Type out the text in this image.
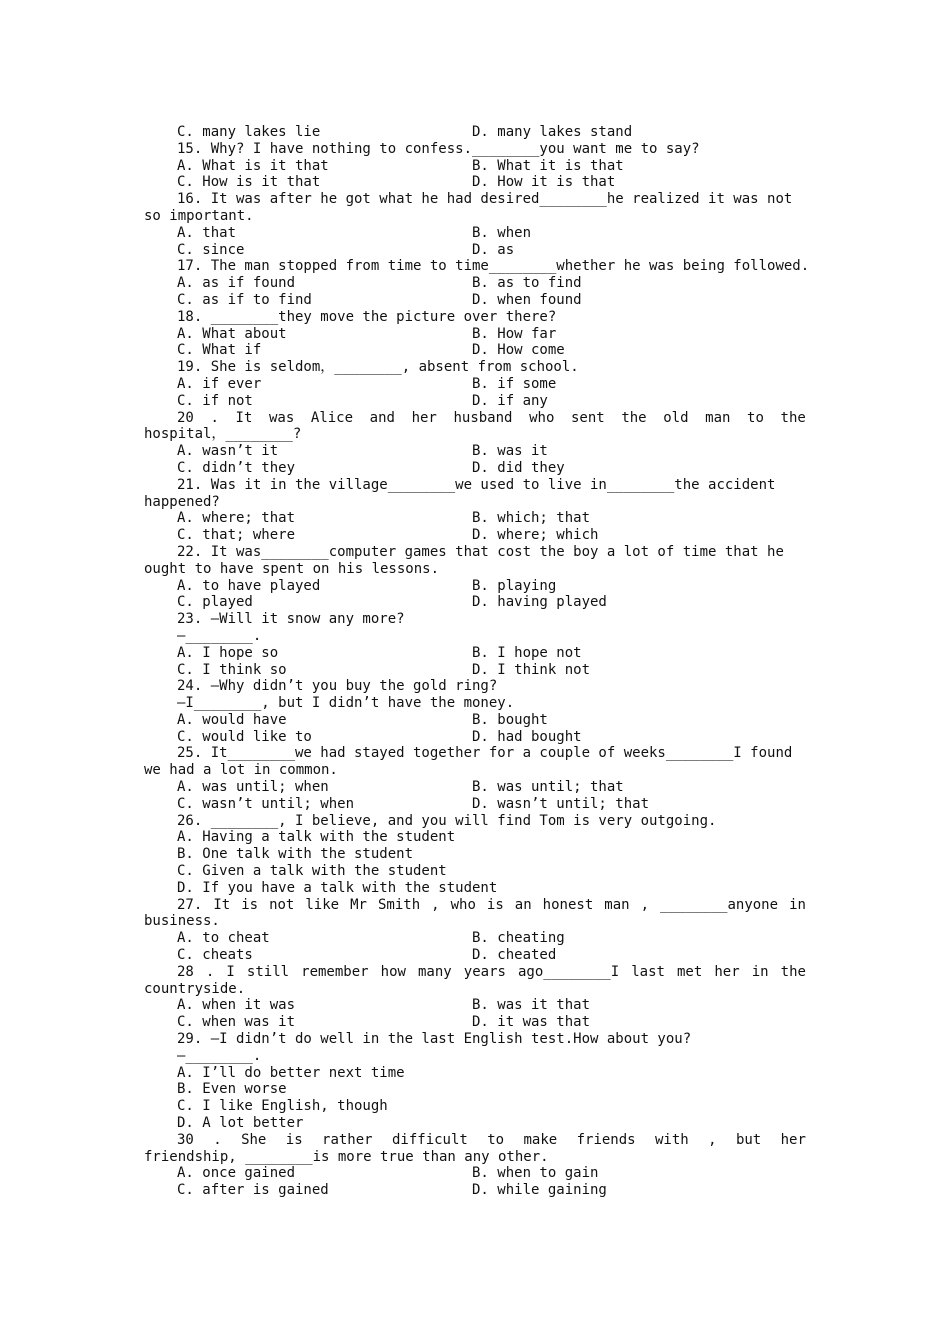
C. many lakes lie	D. many lakes stand
15. Why? I have nothing to confess.________you want me to say?
A. What is it that	B. What it is that
C. How is it that	D. How it is that
16. It was after he got what he had desired________he realized it was not
so important.
A. that	B. when
C. since	D. as
17. The man stopped from time to time________whether he was being followed.
A. as if found	B. as to find
C. as if to find	D. when found
18. ________they move the picture over there?
A. What about	B. How far
C. What if	D. How come
19. She is seldom，________, absent from school.
A. if ever	B. if some
C. if not	D. if any
20 . It was Alice and her husband who sent the old man to the
hospital，________?
A. wasn’t it	B. was it
C. didn’t they	D. did they
21. Was it in the village________we used to live in________the accident
happened?
A. where; that	B. which; that
C. that; where	D. where; which
22. It was________computer games that cost the boy a lot of time that he
ought to have spent on his lessons.
A. to have played	B. playing
C. played	D. having played
23. —Will it snow any more?
—________.
A. I hope so	B. I hope not
C. I think so	D. I think not
24. —Why didn’t you buy the gold ring?
—I________, but I didn’t have the money.
A. would have	B. bought
C. would like to	D. had bought
25. It________we had stayed together for a couple of weeks________I found
we had a lot in common.
A. was until; when	B. was until; that
C. wasn’t until; when	D. wasn’t until; that
26. ________, I believe, and you will find Tom is very outgoing.
A. Having a talk with the student
B. One talk with the student
C. Given a talk with the student
D. If you have a talk with the student
27. It is not like Mr Smith , who is an honest man , ________anyone in
business.
A. to cheat	B. cheating
C. cheats	D. cheated
28 . I still remember how many years ago________I last met her in the
countryside.
A. when it was	B. was it that
C. when was it	D. it was that
29. —I didn’t do well in the last English test.How about you?
—________.
A. I’ll do better next time
B. Even worse
C. I like English, though
D. A lot better
30 . She is rather difficult to make friends with , but her
friendship, ________is more true than any other.
A. once gained	B. when to gain
C. after is gained	D. while gaining
